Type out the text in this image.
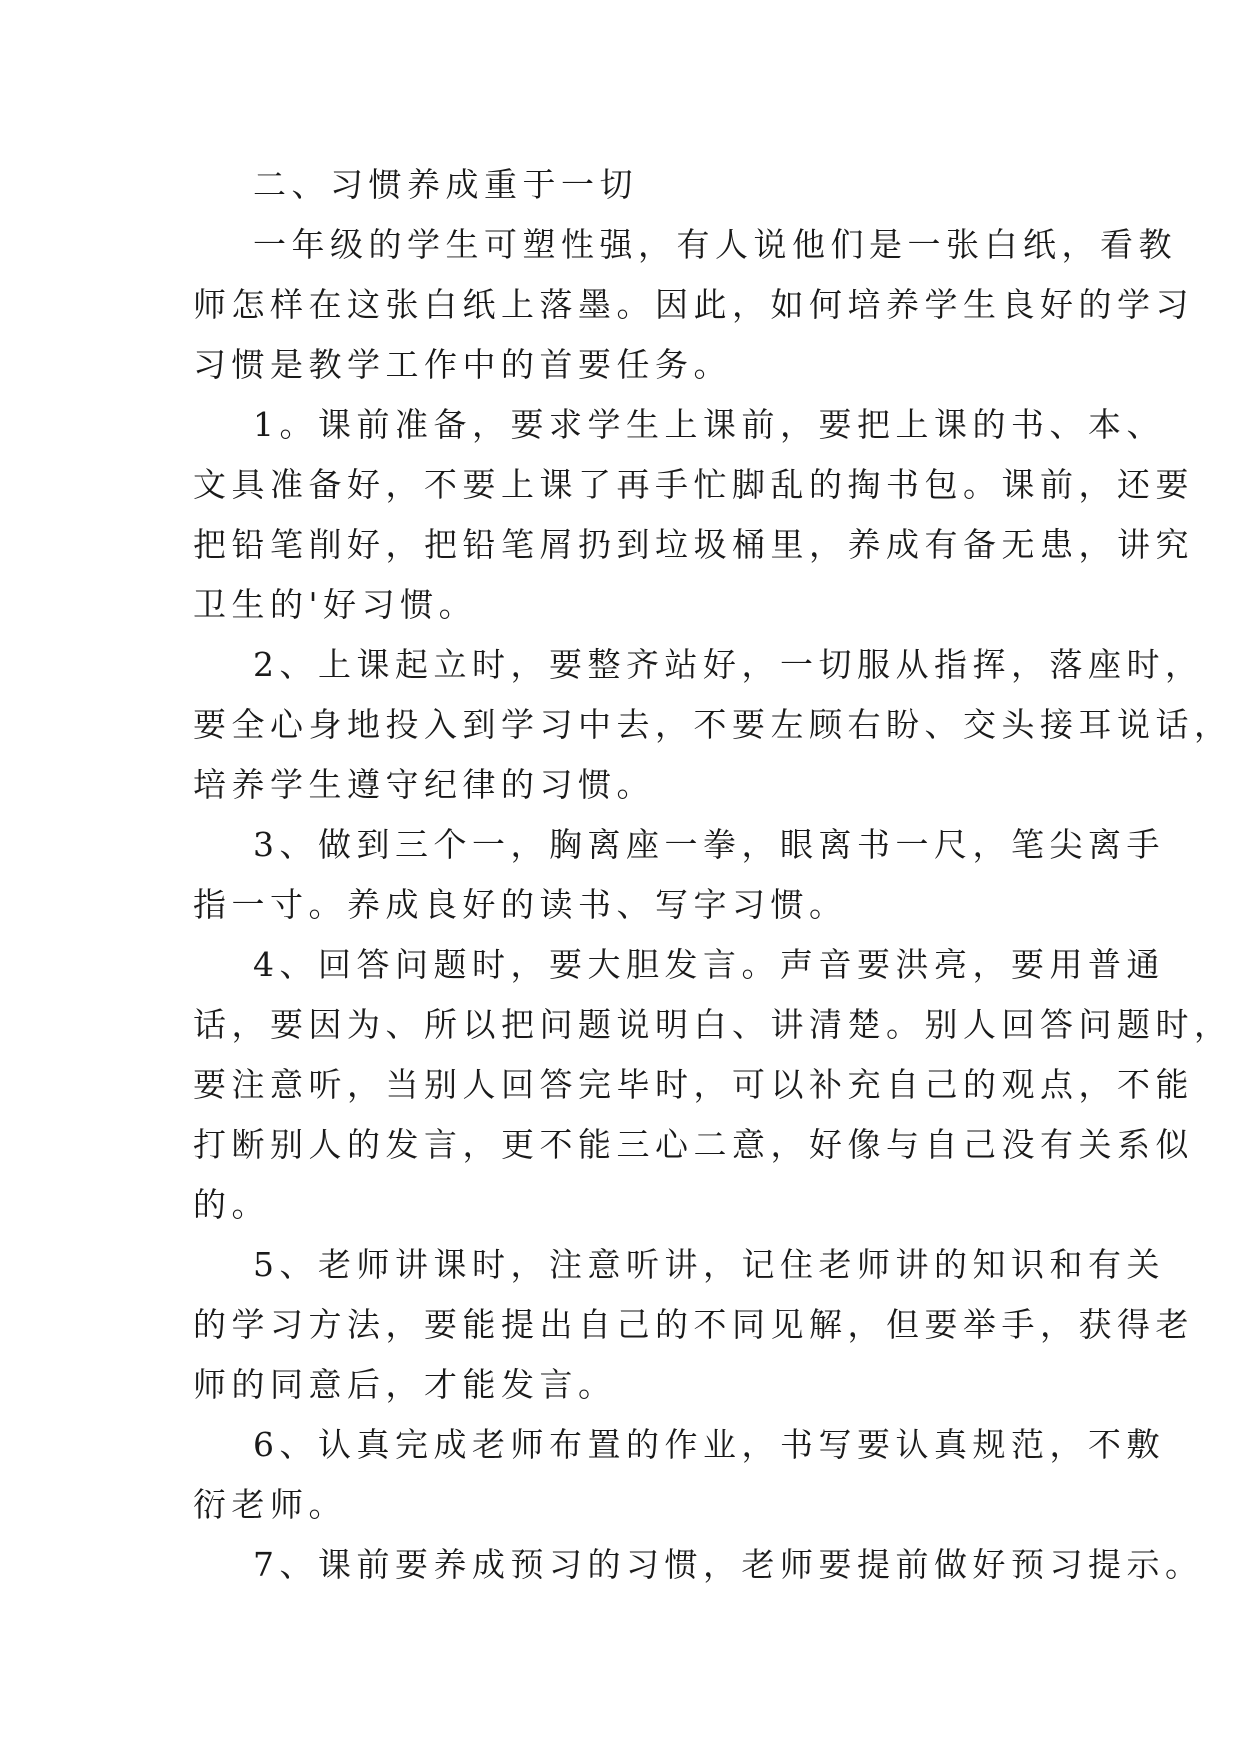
二、习惯养成重于一切
一年级的学生可塑性强，有人说他们是一张白纸，看教
师怎样在这张白纸上落墨。因此，如何培养学生良好的学习
习惯是教学工作中的首要任务。
1。课前准备，要求学生上课前，要把上课的书、本、
文具准备好，不要上课了再手忙脚乱的掏书包。课前，还要
把铅笔削好，把铅笔屑扔到垃圾桶里，养成有备无患，讲究
卫生的'好习惯。
2、上课起立时，要整齐站好，一切服从指挥，落座时，
要全心身地投入到学习中去，不要左顾右盼、交头接耳说话，
培养学生遵守纪律的习惯。
3、做到三个一，胸离座一拳，眼离书一尺，笔尖离手
指一寸。养成良好的读书、写字习惯。
4、回答问题时，要大胆发言。声音要洪亮，要用普通
话，要因为、所以把问题说明白、讲清楚。别人回答问题时，
要注意听，当别人回答完毕时，可以补充自己的观点，不能
打断别人的发言，更不能三心二意，好像与自己没有关系似
的。
5、老师讲课时，注意听讲，记住老师讲的知识和有关
的学习方法，要能提出自己的不同见解，但要举手，获得老
师的同意后，才能发言。
6、认真完成老师布置的作业，书写要认真规范，不敷
衍老师。
7、课前要养成预习的习惯，老师要提前做好预习提示。
